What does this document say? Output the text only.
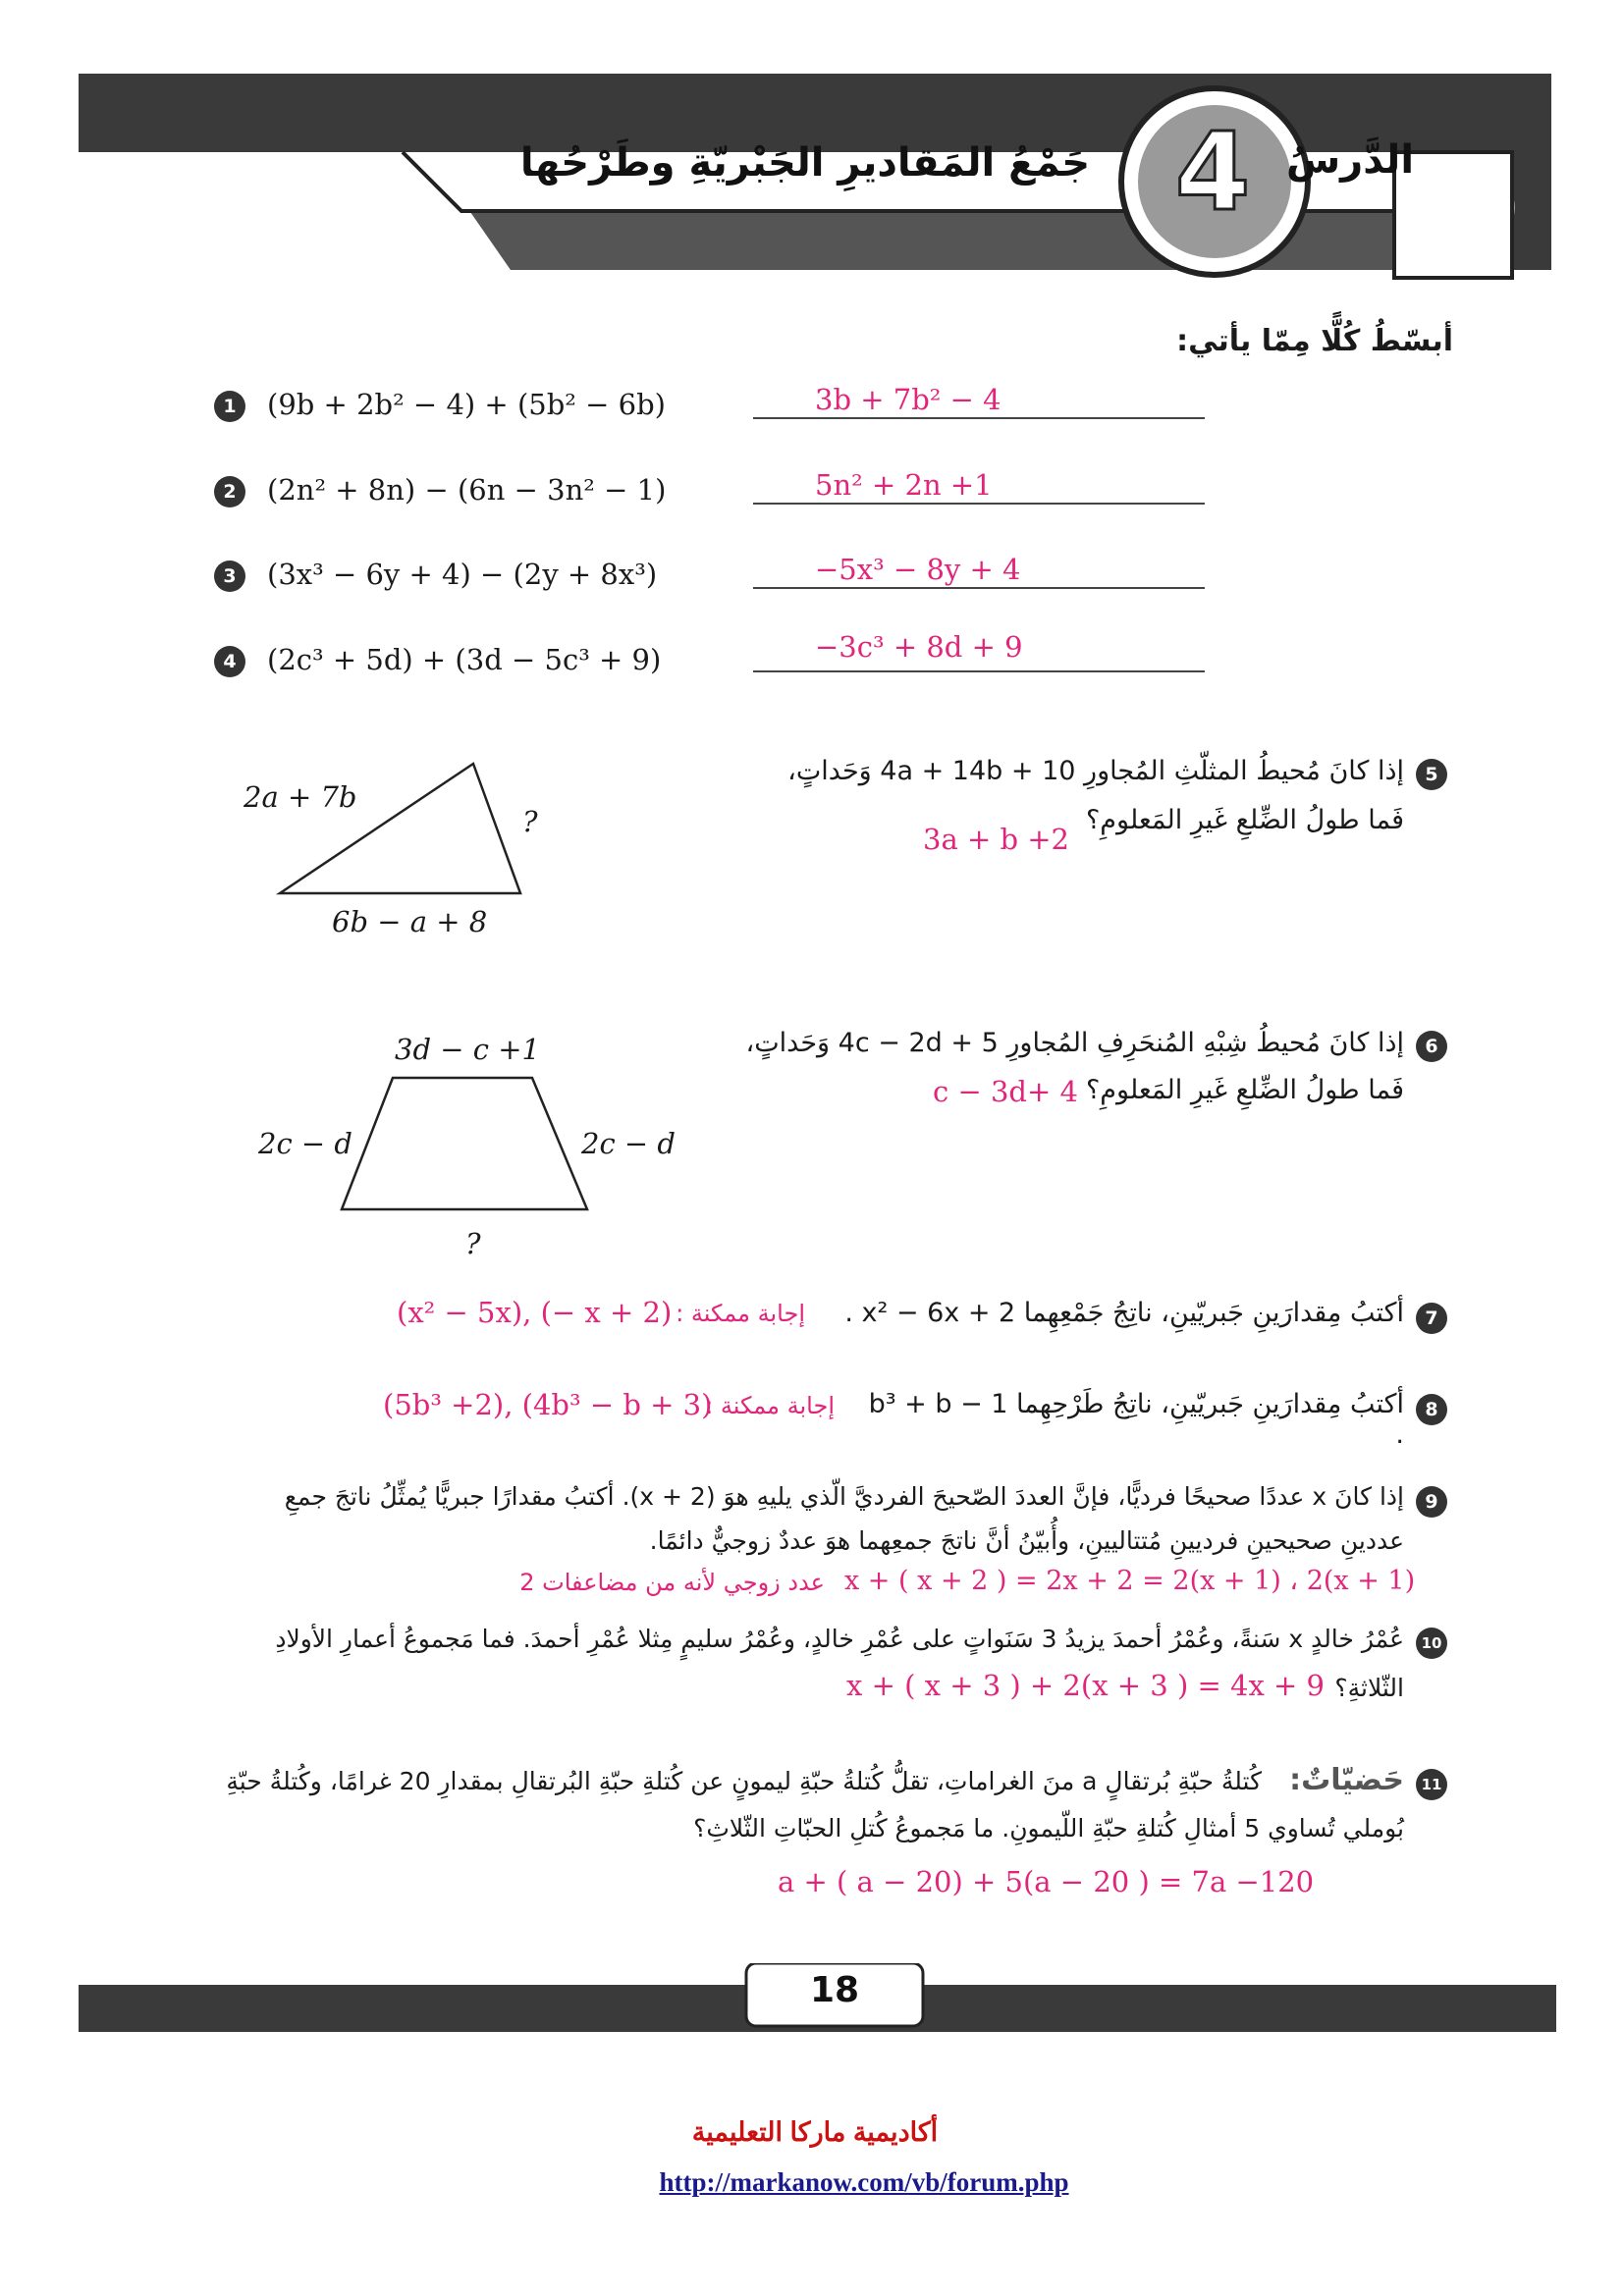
الدَّرسُ
4
جَمْعُ المَقاديرِ الجَبْريّةِ وطَرْحُها
أبسّطُ كُلًّا مِمّا يأتي:
1	(9b + 2b² − 4) + (5b² − 6b)	3b + 7b² − 4
2	(2n² + 8n) − (6n − 3n² − 1)	5n² + 2n +1
3	(3x³ − 6y + 4) − (2y + 8x³)	−5x³ − 8y + 4
4	(2c³ + 5d) + (3d − 5c³ + 9)	−3c³ + 8d + 9
5
إذا كانَ مُحيطُ المثلّثِ المُجاورِ 10 + 4a + 14b وَحَداتٍ،
فَما طولُ الضِّلعِ غَيرِ المَعلومِ؟
3a + b +2
2a + 7b
?
6b − a + 8
6
إذا كانَ مُحيطُ شِبْهِ المُنحَرِفِ المُجاورِ 5 + 4c − 2d وَحَداتٍ،
فَما طولُ الضِّلعِ غَيرِ المَعلومِ؟
c − 3d+ 4
3d − c +1
2c − d	2c − d
?
7
أكتبُ مِقدارَينِ جَبريّينِ، ناتِجُ جَمْعِهِما x² − 6x + 2 .
إجابة ممكنة :
(x² − 5x), (− x + 2)
8
أكتبُ مِقدارَينِ جَبريّينِ، ناتِجُ طَرْحِهِما b³ + b − 1 .
إجابة ممكنة :
(5b³ +2), (4b³ − b + 3)
9
إذا كانَ x عددًا صحيحًا فرديًّا، فإنَّ العددَ الصّحيحَ الفرديَّ الّذي يليهِ هوَ (x + 2). أكتبُ مقدارًا جبريًّا يُمثِّلُ ناتجَ جمعِ
عددينِ صحيحينِ فرديينِ مُتتاليينِ، وأُبيّنُ أنَّ ناتجَ جمعِهما هوَ عددٌ زوجيٌّ دائمًا.
x + ( x + 2 ) = 2x + 2 = 2(x + 1) ، 2(x + 1)
عدد زوجي لأنه من مضاعفات 2
10
عُمْرُ خالدٍ x سَنةً، وعُمْرُ أحمدَ يزيدُ 3 سَنَواتٍ على عُمْرِ خالدٍ، وعُمْرُ سليمٍ مِثلا عُمْرِ أحمدَ. فما مَجموعُ أعمارِ الأولادِ
الثّلاثةِ؟
x + ( x + 3 ) + 2(x + 3 ) = 4x + 9
11
حَضيّاتٌ:
كُتلةُ حبّةِ بُرتقالٍ a منَ الغراماتِ، تقلُّ كُتلةُ حبّةِ ليمونٍ عن كُتلةِ حبّةِ البُرتقالِ بمقدارِ 20 غرامًا، وكُتلةُ حبّةِ
بُوملي تُساوي 5 أمثالِ كُتلةِ حبّةِ اللّيمونِ. ما مَجموعُ كُتلِ الحبّاتِ الثّلاثِ؟
a + ( a − 20) + 5(a − 20 ) = 7a −120
18
أكاديمية ماركا التعليمية
http://markanow.com/vb/forum.php
